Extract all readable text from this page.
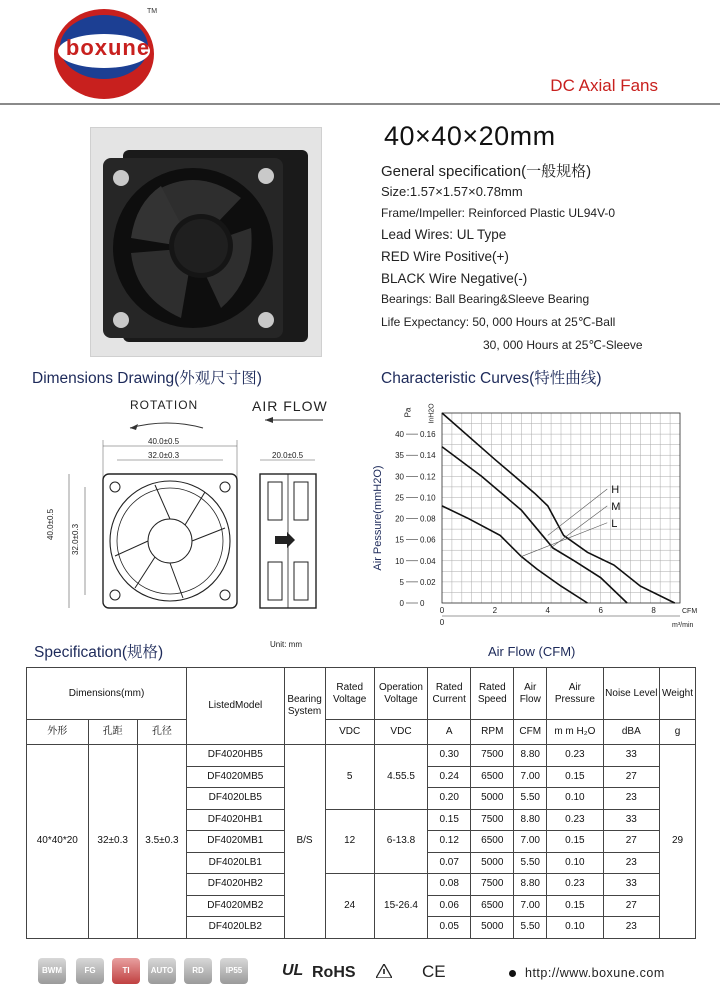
boxune
TM
DC Axial Fans
40×40×20mm
General specification(一般规格)
Size:1.57×1.57×0.78mm
Frame/Impeller: Reinforced Plastic UL94V-0
Lead Wires: UL Type
RED Wire Positive(+)
BLACK Wire Negative(-)
Bearings: Ball Bearing&Sleeve Bearing
Life Expectancy: 50, 000 Hours at 25℃-Ball
30, 000 Hours at 25℃-Sleeve
Dimensions Drawing(外观尺寸图)	Characteristic Curves(特性曲线)
ROTATION	AIR FLOW
40.0±0.5
32.0±0.3	20.0±0.5
40.0±0.5 32.0±0.3
Unit: mm
Pa InH2O
Air Pessure(mmH2O)
0 0
5 0.02
10 0.04
15 0.06
20 0.08
25 0.10
30 0.12
35 0.14
40 0.16
0	2	4	6	8
0
CFM
m³/min
H
M
L
Air Flow (CFM)
Specification(规格)
Dimensions(mm)			ListedModel	Bearing System	Rated Voltage	Operation Voltage	Rated Current	Rated Speed	Air Flow	Air Pressure	Noise Level	Weight
外形	孔距	孔径			VDC	VDC	A	RPM	CFM	m m H₂O	dBA	g
40*40*20	32±0.3	3.5±0.3	DF4020HB5	B/S	5	4.55.5	0.30	7500	8.80	0.23	33	29
			DF4020MB5				0.24	6500	7.00	0.15	27	
			DF4020LB5				0.20	5000	5.50	0.10	23	
			DF4020HB1		12	6-13.8	0.15	7500	8.80	0.23	33	
			DF4020MB1				0.12	6500	7.00	0.15	27	
			DF4020LB1				0.07	5000	5.50	0.10	23	
			DF4020HB2		24	15-26.4	0.08	7500	8.80	0.23	33	
			DF4020MB2				0.06	6500	7.00	0.15	27	
			DF4020LB2				0.05	5000	5.50	0.10	23	
BWM	FG	TI	AUTO	RD	IP55	UL RoHS	CE	http://www.boxune.com
